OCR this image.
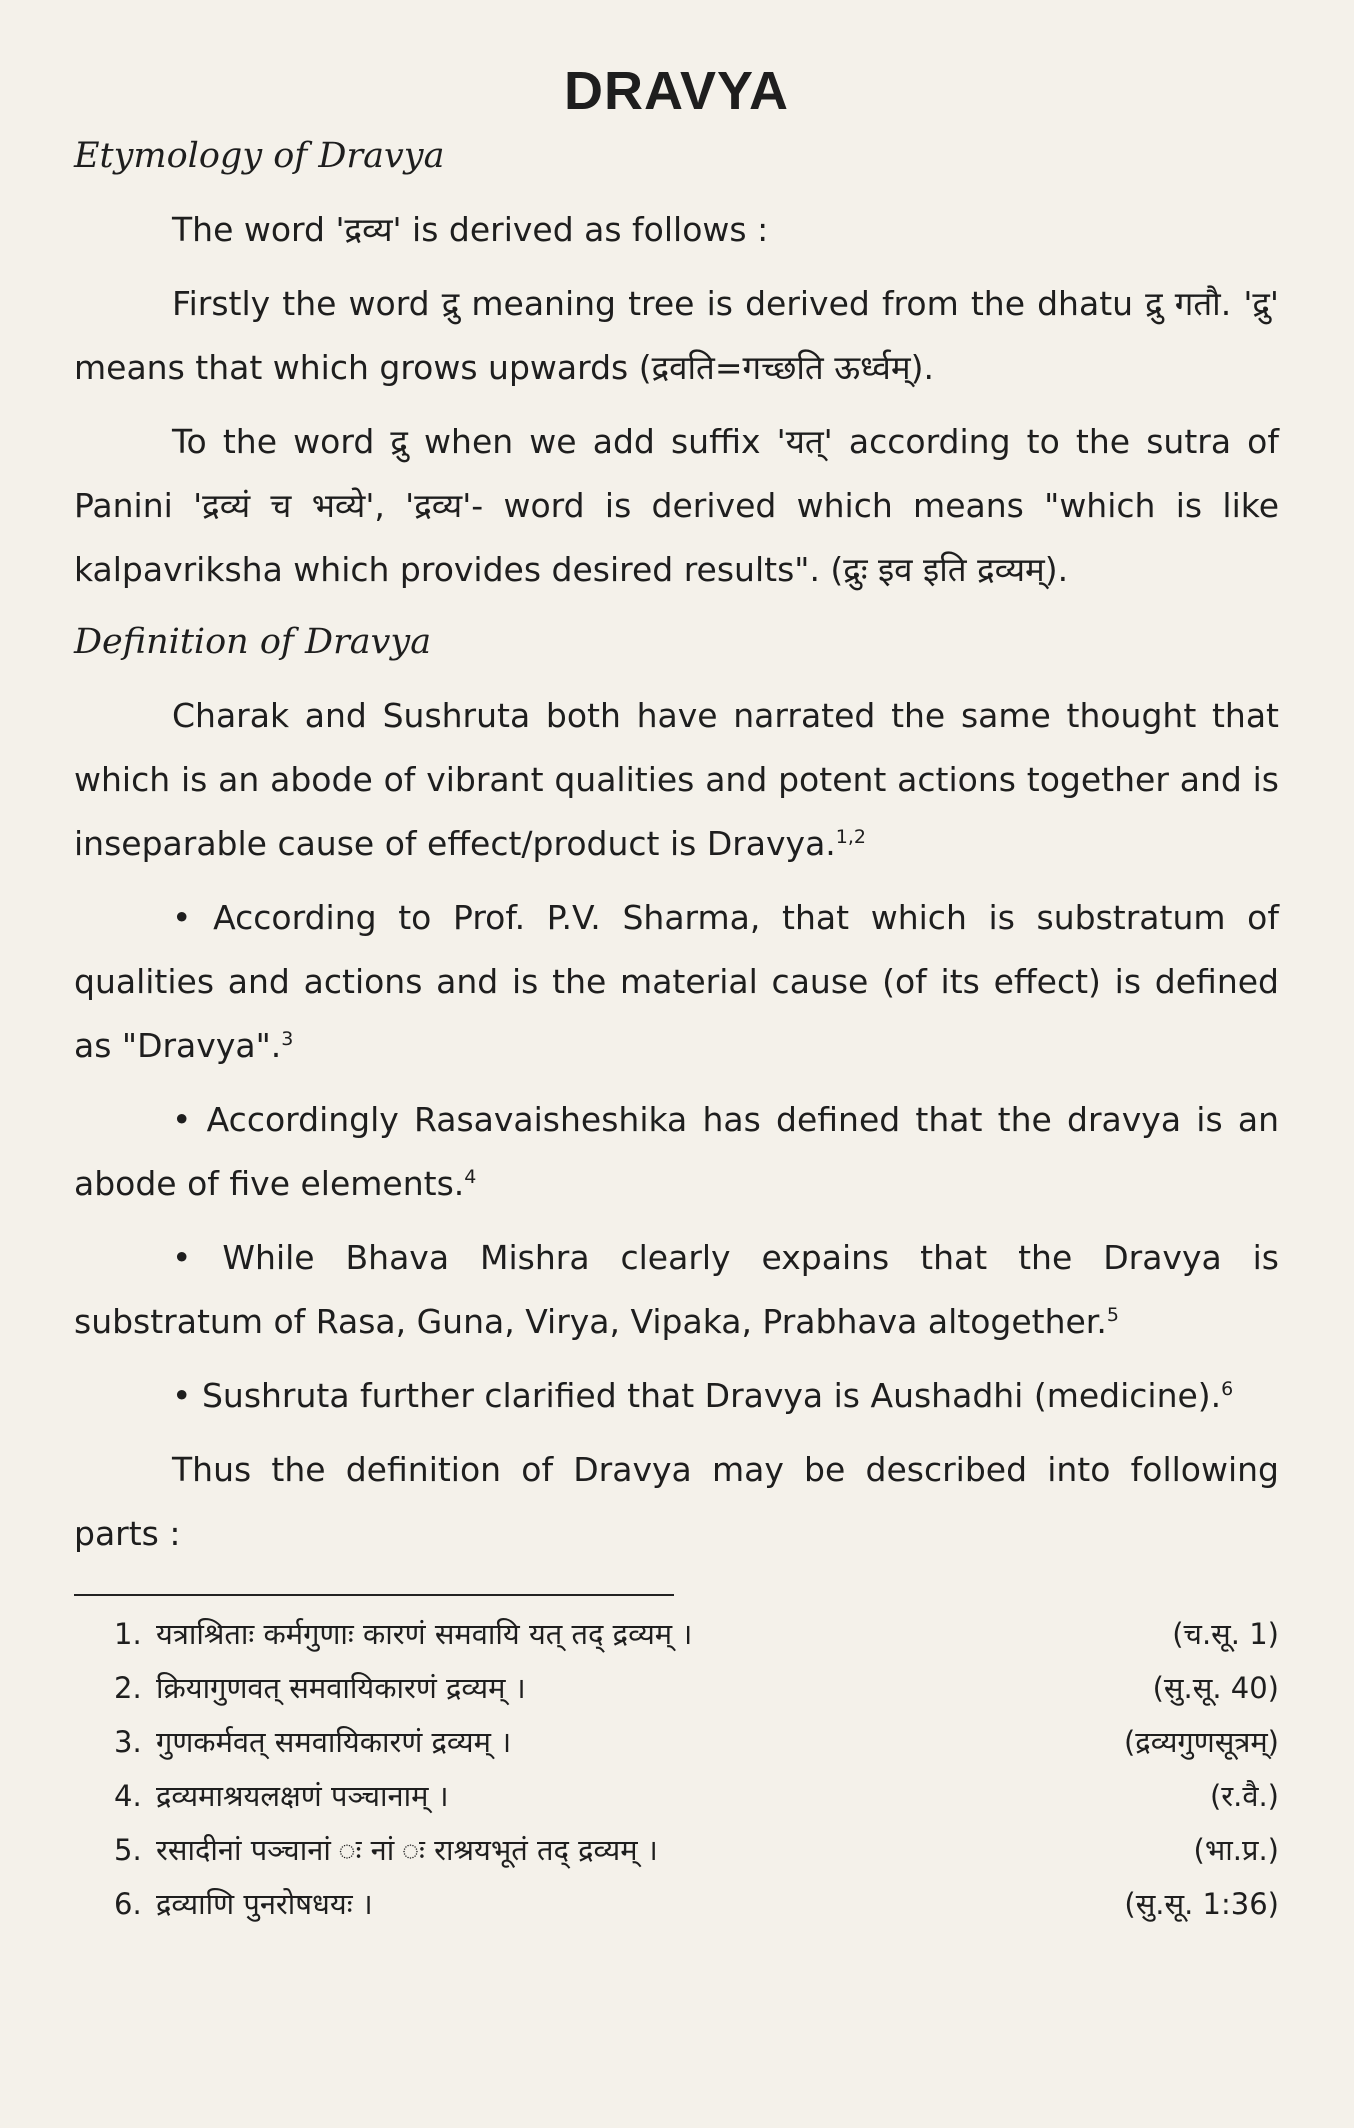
DRAVYA
Etymology of Dravya

The word 'द्रव्य' is derived as follows :

Firstly the word द्रु meaning tree is derived from the dhatu द्रु गतौ. 'द्रु' means that which grows upwards (द्रवति=गच्छति ऊर्ध्वम्).

To the word द्रु when we add suffix 'यत्' according to the sutra of Panini 'द्रव्यं च भव्ये', 'द्रव्य'- word is derived which means "which is like kalpavriksha which provides desired results". (द्रुः इव इति द्रव्यम्).

Definition of Dravya

Charak and Sushruta both have narrated the same thought that which is an abode of vibrant qualities and potent actions together and is inseparable cause of effect/product is Dravya.$^{1,2}$

• According to Prof. P.V. Sharma, that which is substratum of qualities and actions and is the material cause (of its effect) is defined as "Dravya".$^3$

• Accordingly Rasavaisheshika has defined that the dravya is an abode of five elements.$^4$

• While Bhava Mishra clearly expains that the Dravya is substratum of Rasa, Guna, Virya, Vipaka, Prabhava altogether.$^5$

• Sushruta further clarified that Dravya is Aushadhi (medicine).$^6$

Thus the definition of Dravya may be described into following parts :

1. यत्राश्रिताः कर्मगुणाः कारणं समवायि यत् तद् द्रव्यम् ।	(च.सू. 1)
2. क्रियागुणवत् समवायिकारणं द्रव्यम् ।	(सु.सू. 40)
3. गुणकर्मवत् समवायिकारणं द्रव्यम् ।	(द्रव्यगुणसूत्रम्)
4. द्रव्यमाश्रयलक्षणं पञ्चानाम् ।	(र.वै.)
5. रसादीनां पञ्चानां ः नां ः राश्रयभूतं तद् द्रव्यम् ।	(भा.प्र.)
6. द्रव्याणि पुनरोषधयः ।	(सु.सू. 1:36)
